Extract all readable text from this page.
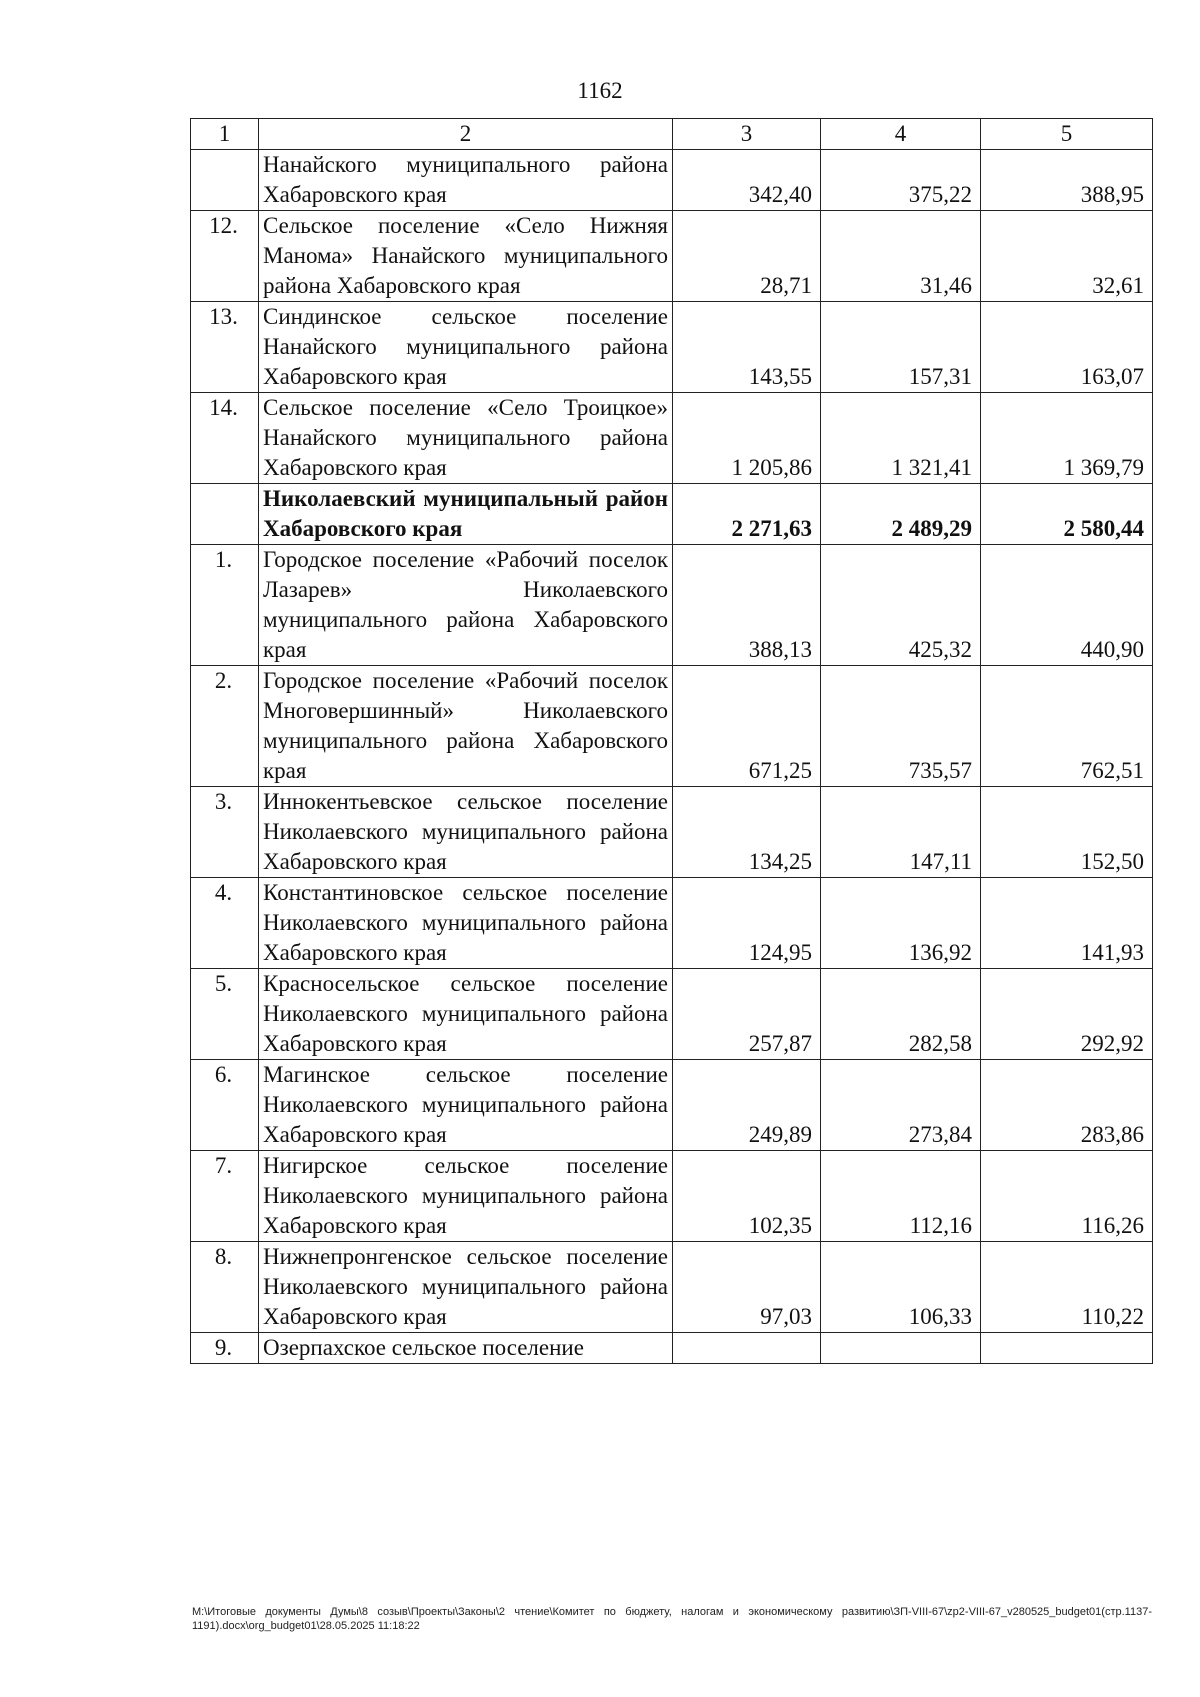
1162
1	2	3	4	5
	Нанайского муниципального района Хабаровского края	342,40	375,22	388,95
12.	Сельское поселение «Село Нижняя Манома» Нанайского муниципального района Хабаровского края	28,71	31,46	32,61
13.	Синдинское сельское поселение Нанайского муниципального района Хабаровского края	143,55	157,31	163,07
14.	Сельское поселение «Село Троицкое» Нанайского муниципального района Хабаровского края	1 205,86	1 321,41	1 369,79
	Николаевский муниципальный район Хабаровского края	2 271,63	2 489,29	2 580,44
1.	Городское поселение «Рабочий поселок Лазарев» Николаевского муниципального района Хабаровского края	388,13	425,32	440,90
2.	Городское поселение «Рабочий поселок Многовершинный» Николаевского муниципального района Хабаровского края	671,25	735,57	762,51
3.	Иннокентьевское сельское поселение Николаевского муниципального района Хабаровского края	134,25	147,11	152,50
4.	Константиновское сельское поселение Николаевского муниципального района Хабаровского края	124,95	136,92	141,93
5.	Красносельское сельское поселение Николаевского муниципального района Хабаровского края	257,87	282,58	292,92
6.	Магинское сельское поселение Николаевского муниципального района Хабаровского края	249,89	273,84	283,86
7.	Нигирское сельское поселение Николаевского муниципального района Хабаровского края	102,35	112,16	116,26
8.	Нижнепронгенское сельское поселение Николаевского муниципального района Хабаровского края	97,03	106,33	110,22
9.	Озерпахское сельское поселение			
M:\Итоговые документы Думы\8 созыв\Проекты\Законы\2 чтение\Комитет по бюджету, налогам и экономическому развитию\ЗП-VIII-67\zp2-VIII-67_v280525_budget01(стр.1137-1191).docx\org_budget01\28.05.2025 11:18:22
